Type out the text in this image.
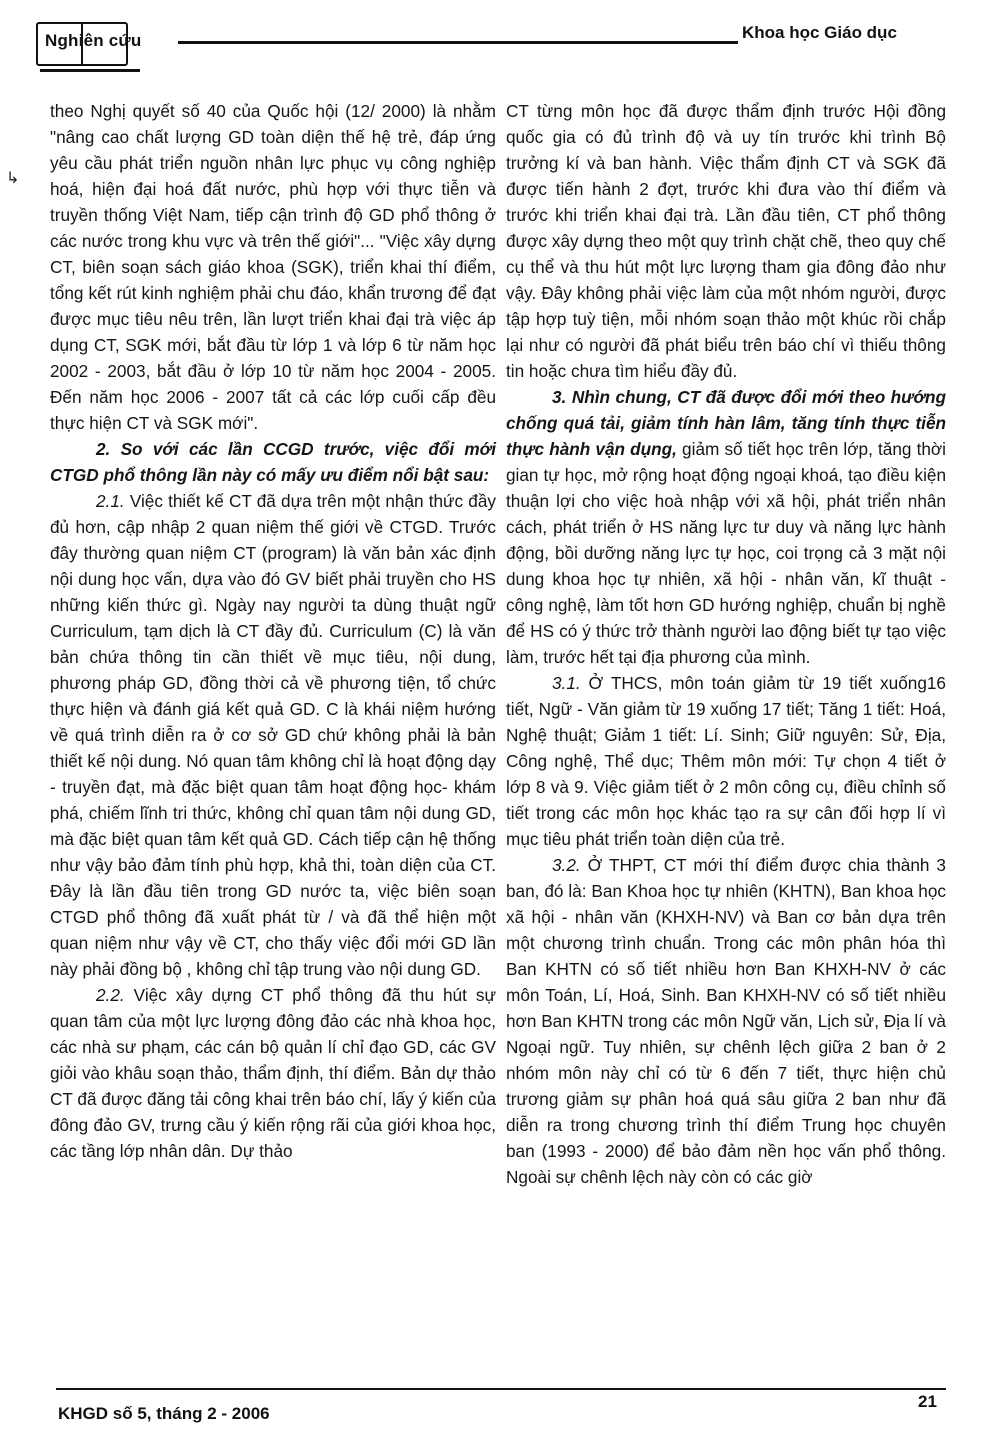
Nghiên cứu	Khoa học Giáo dục
↳

theo Nghị quyết số 40 của Quốc hội (12/ 2000) là nhằm "nâng cao chất lượng GD toàn diện thế hệ trẻ, đáp ứng yêu cầu phát triển nguồn nhân lực phục vụ công nghiệp hoá, hiện đại hoá đất nước, phù hợp với thực tiễn và truyền thống Việt Nam, tiếp cận trình độ GD phổ thông ở các nước trong khu vực và trên thế giới"... "Việc xây dựng CT, biên soạn sách giáo khoa (SGK), triển khai thí điểm, tổng kết rút kinh nghiệm phải chu đáo, khẩn trương để đạt được mục tiêu nêu trên, lần lượt triển khai đại trà việc áp dụng CT, SGK mới, bắt đầu từ lớp 1 và lớp 6 từ năm học 2002 - 2003, bắt đầu ở lớp 10 từ năm học 2004 - 2005. Đến năm học 2006 - 2007 tất cả các lớp cuối cấp đều thực hiện CT và SGK mới".

2. So với các lần CCGD trước, việc đổi mới CTGD phổ thông lần này có mấy ưu điểm nổi bật sau:

2.1. Việc thiết kế CT đã dựa trên một nhận thức đầy đủ hơn, cập nhập 2 quan niệm thế giới về CTGD. Trước đây thường quan niệm CT (program) là văn bản xác định nội dung học vấn, dựa vào đó GV biết phải truyền cho HS những kiến thức gì. Ngày nay người ta dùng thuật ngữ Curriculum, tạm dịch là CT đầy đủ. Curriculum (C) là văn bản chứa thông tin cần thiết về mục tiêu, nội dung, phương pháp GD, đồng thời cả về phương tiện, tổ chức thực hiện và đánh giá kết quả GD. C là khái niệm hướng về quá trình diễn ra ở cơ sở GD chứ không phải là bản thiết kế nội dung. Nó quan tâm không chỉ là hoạt động dạy - truyền đạt, mà đặc biệt quan tâm hoạt động học- khám phá, chiếm lĩnh tri thức, không chỉ quan tâm nội dung GD, mà đặc biệt quan tâm kết quả GD. Cách tiếp cận hệ thống như vậy bảo đảm tính phù hợp, khả thi, toàn diện của CT. Đây là lần đầu tiên trong GD nước ta, việc biên soạn CTGD phổ thông đã xuất phát từ / và đã thể hiện một quan niệm như vậy về CT, cho thấy việc đổi mới GD lần này phải đồng bộ , không chỉ tập trung vào nội dung GD.

2.2. Việc xây dựng CT phổ thông đã thu hút sự quan tâm của một lực lượng đông đảo các nhà khoa học, các nhà sư phạm, các cán bộ quản lí chỉ đạo GD, các GV giỏi vào khâu soạn thảo, thẩm định, thí điểm. Bản dự thảo CT đã được đăng tải công khai trên báo chí, lấy ý kiến của đông đảo GV, trưng cầu ý kiến rộng rãi của giới khoa học, các tầng lớp nhân dân. Dự thảo

CT từng môn học đã được thẩm định trước Hội đồng quốc gia có đủ trình độ và uy tín trước khi trình Bộ trưởng kí và ban hành. Việc thẩm định CT và SGK đã được tiến hành 2 đợt, trước khi đưa vào thí điểm và trước khi triển khai đại trà. Lần đầu tiên, CT phổ thông được xây dựng theo một quy trình chặt chẽ, theo quy chế cụ thể và thu hút một lực lượng tham gia đông đảo như vậy. Đây không phải việc làm của một nhóm người, được tập hợp tuỳ tiện, mỗi nhóm soạn thảo một khúc rồi chắp lại như có người đã phát biểu trên báo chí vì thiếu thông tin hoặc chưa tìm hiểu đầy đủ.

3. Nhìn chung, CT đã được đổi mới theo hướng chống quá tải, giảm tính hàn lâm, tăng tính thực tiễn thực hành vận dụng, giảm số tiết học trên lớp, tăng thời gian tự học, mở rộng hoạt động ngoại khoá, tạo điều kiện thuận lợi cho việc hoà nhập với xã hội, phát triển nhân cách, phát triển ở HS năng lực tư duy và năng lực hành động, bồi dưỡng năng lực tự học, coi trọng cả 3 mặt nội dung khoa học tự nhiên, xã hội - nhân văn, kĩ thuật - công nghệ, làm tốt hơn GD hướng nghiệp, chuẩn bị nghề để HS có ý thức trở thành người lao động biết tự tạo việc làm, trước hết tại địa phương của mình.

3.1. Ở THCS, môn toán giảm từ 19 tiết xuống16 tiết, Ngữ - Văn giảm từ 19 xuống 17 tiết; Tăng 1 tiết: Hoá, Nghệ thuật; Giảm 1 tiết: Lí. Sinh; Giữ nguyên: Sử, Địa, Công nghệ, Thể dục; Thêm môn mới: Tự chọn 4 tiết ở lớp 8 và 9. Việc giảm tiết ở 2 môn công cụ, điều chỉnh số tiết trong các môn học khác tạo ra sự cân đối hợp lí vì mục tiêu phát triển toàn diện của trẻ.

3.2. Ở THPT, CT mới thí điểm được chia thành 3 ban, đó là: Ban Khoa học tự nhiên (KHTN), Ban khoa học xã hội - nhân văn (KHXH-NV) và Ban cơ bản dựa trên một chương trình chuẩn. Trong các môn phân hóa thì Ban KHTN có số tiết nhiều hơn Ban KHXH-NV ở các môn Toán, Lí, Hoá, Sinh. Ban KHXH-NV có số tiết nhiều hơn Ban KHTN trong các môn Ngữ văn, Lịch sử, Địa lí và Ngoại ngữ. Tuy nhiên, sự chênh lệch giữa 2 ban ở 2 nhóm môn này chỉ có từ 6 đến 7 tiết, thực hiện chủ trương giảm sự phân hoá quá sâu giữa 2 ban như đã diễn ra trong chương trình thí điểm Trung học chuyên ban (1993 - 2000) để bảo đảm nền học vấn phổ thông. Ngoài sự chênh lệch này còn có các giờ

KHGD số 5, tháng 2 - 2006
21
